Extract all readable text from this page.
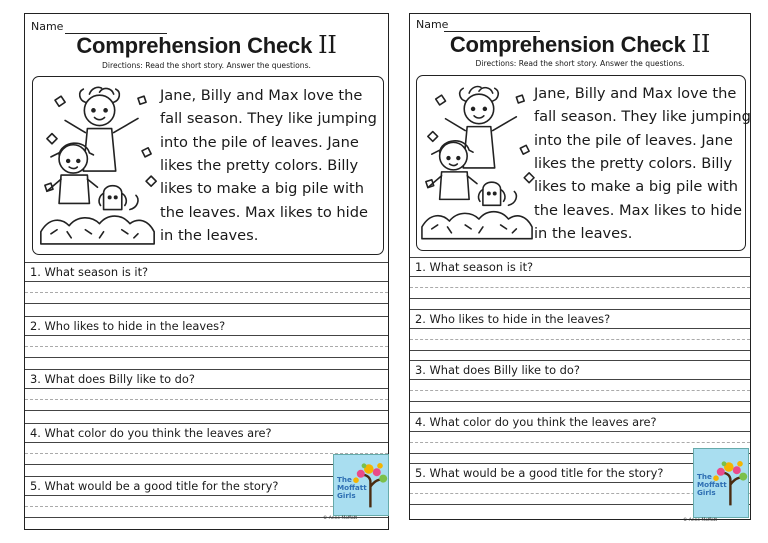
Name
Comprehension Check II
Directions: Read the short story. Answer the questions.
Jane, Billy and Max love the
fall season. They like jumping
into the pile of leaves. Jane
likes the pretty colors. Billy
likes to make a big pile with
the leaves. Max likes to hide
in the leaves.
1. What season is it?
2. Who likes to hide in the leaves?
3. What does Billy like to do?
4. What color do you think the leaves are?
5. What would be a good title for the story?	The
Moffatt
Girls
© Anne Moffatt
Name
Comprehension Check II
Directions: Read the short story. Answer the questions.
Jane, Billy and Max love the
fall season. They like jumping
into the pile of leaves. Jane
likes the pretty colors. Billy
likes to make a big pile with
the leaves. Max likes to hide
in the leaves.
1. What season is it?
2. Who likes to hide in the leaves?
3. What does Billy like to do?
4. What color do you think the leaves are?
5. What would be a good title for the story?	The
Moffatt
Girls
© Anne Moffatt
